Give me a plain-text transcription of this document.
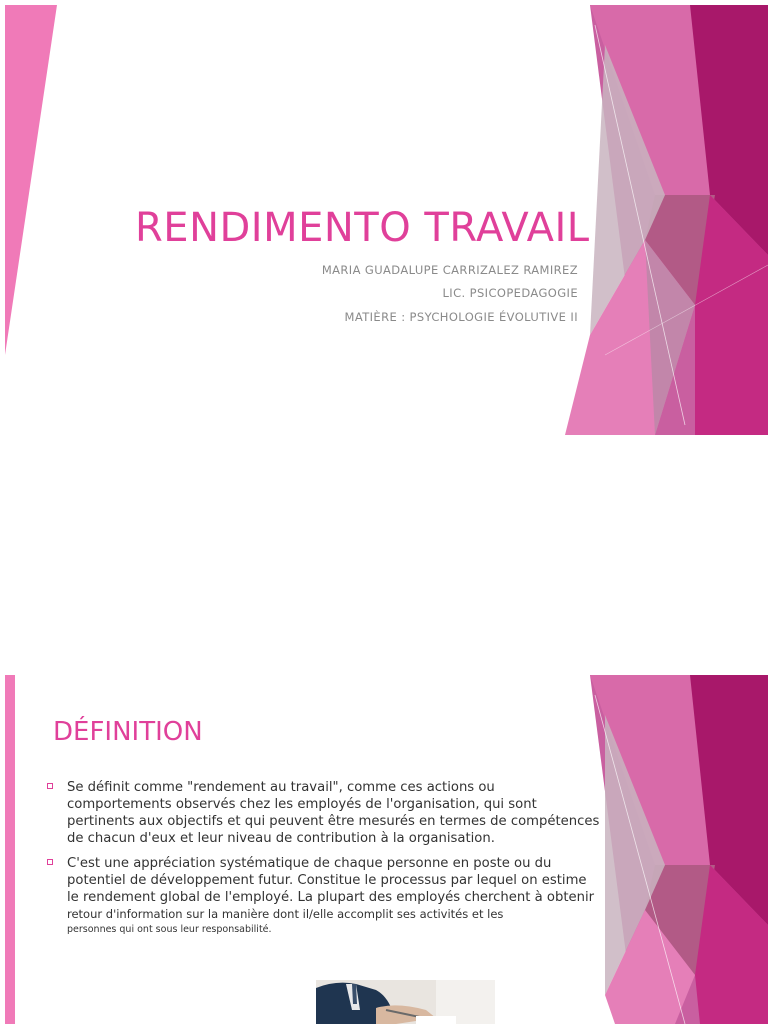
RENDIMENTO TRAVAIL
MARIA GUADALUPE CARRIZALEZ RAMIREZ
LIC. PSICOPEDAGOGIE
MATIÈRE : PSYCHOLOGIE ÉVOLUTIVE II
DÉFINITION
Se définit comme "rendement au travail", comme ces actions ou comportements observés chez les employés de l'organisation, qui sont pertinents aux objectifs et qui peuvent être mesurés en termes de compétences de chacun d'eux et leur niveau de contribution à la organisation.
C'est une appréciation systématique de chaque personne en poste ou du potentiel de développement futur. Constitue le processus par lequel on estime le rendement global de l'employé. La plupart des employés cherchent à obtenir
retour d'information sur la manière dont il/elle accomplit ses activités et les
personnes qui ont sous leur responsabilité.
